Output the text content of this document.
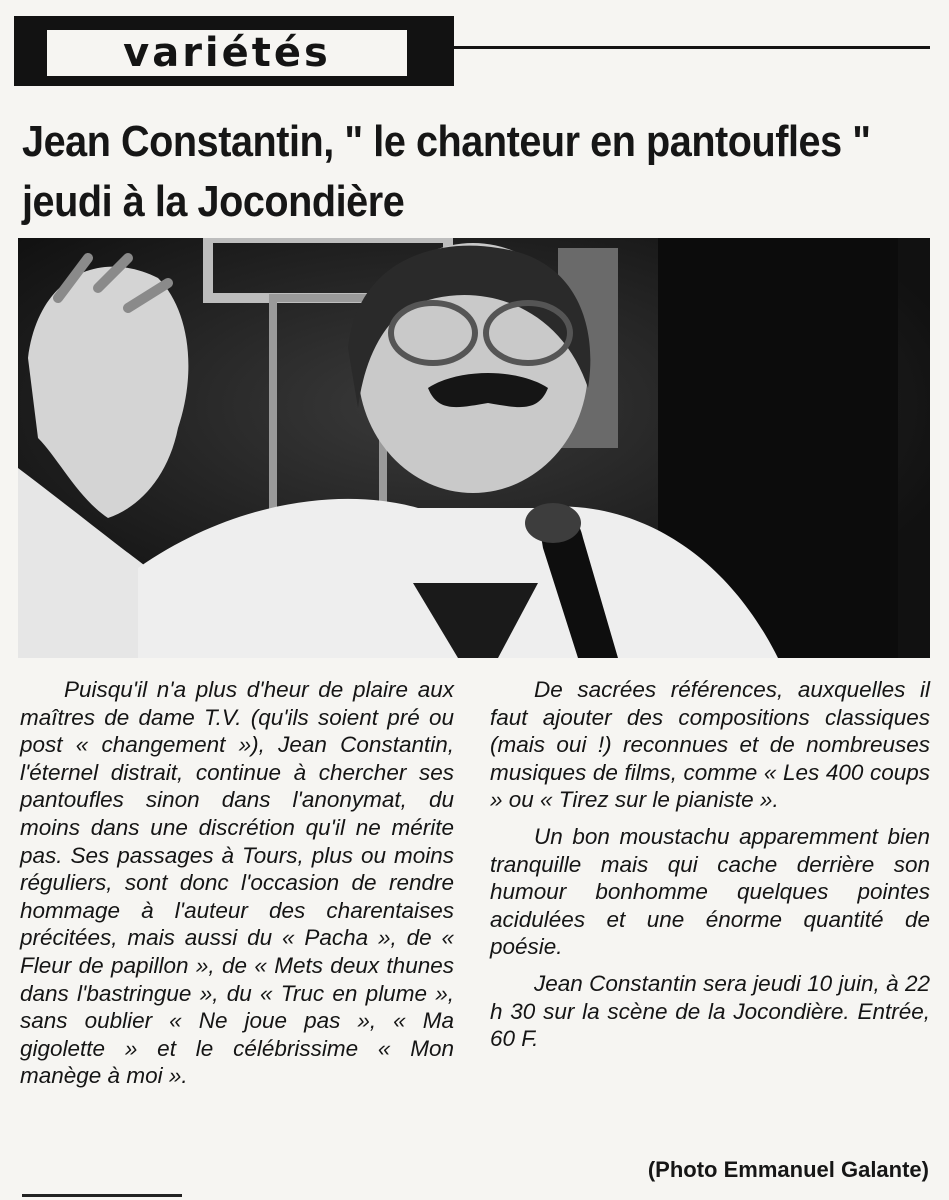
variétés
Jean Constantin, " le chanteur en pantoufles "
jeudi à la Jocondière

Puisqu'il n'a plus d'heur de plaire aux maîtres de dame T.V. (qu'ils soient pré ou post « changement »), Jean Constantin, l'éternel distrait, continue à chercher ses pantoufles sinon dans l'anonymat, du moins dans une discrétion qu'il ne mérite pas. Ses passages à Tours, plus ou moins réguliers, sont donc l'occasion de rendre hommage à l'auteur des charentaises précitées, mais aussi du « Pacha », de « Fleur de papillon », de « Mets deux thunes dans l'bastringue », du « Truc en plume », sans oublier « Ne joue pas », « Ma gigolette » et le célébrissime « Mon manège à moi ».

De sacrées références, auxquelles il faut ajouter des compositions classiques (mais oui !) reconnues et de nombreuses musiques de films, comme « Les 400 coups » ou « Tirez sur le pianiste ».

Un bon moustachu apparemment bien tranquille mais qui cache derrière son humour bonhomme quelques pointes acidulées et une énorme quantité de poésie.

Jean Constantin sera jeudi 10 juin, à 22 h 30 sur la scène de la Jocondière. Entrée, 60 F.

(Photo Emmanuel Galante)
